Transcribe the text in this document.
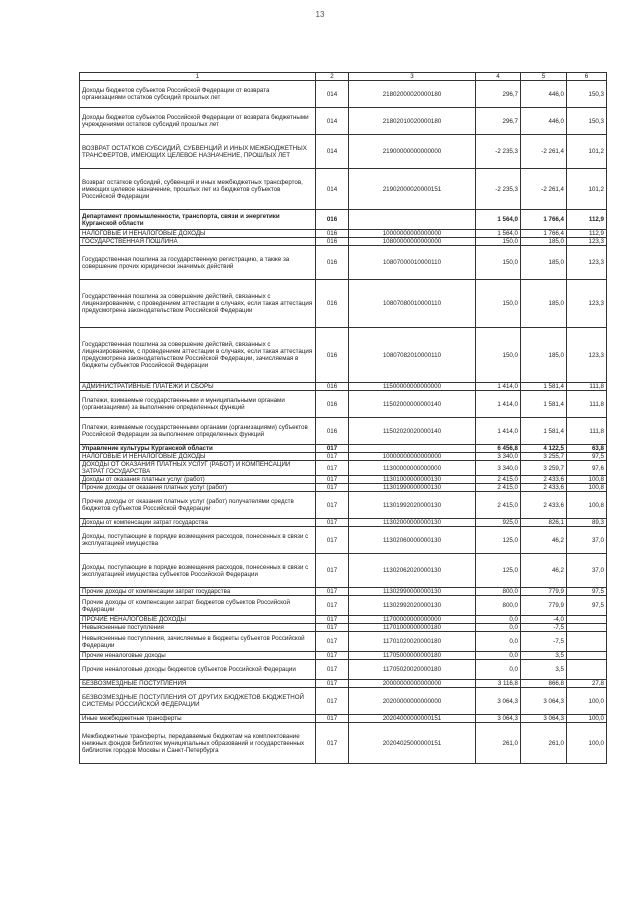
13
1	2	3	4	5	6
Доходы бюджетов субъектов Российской Федерации от возврата организациями остатков субсидий прошлых лет	014	21802000020000180	296,7	446,0	150,3
Доходы бюджетов субъектов Российской Федерации от возврата бюджетными учреждениями остатков субсидий прошлых лет	014	21802010020000180	296,7	446,0	150,3
ВОЗВРАТ ОСТАТКОВ СУБСИДИЙ, СУБВЕНЦИЙ И ИНЫХ МЕЖБЮДЖЕТНЫХ ТРАНСФЕРТОВ, ИМЕЮЩИХ ЦЕЛЕВОЕ НАЗНАЧЕНИЕ, ПРОШЛЫХ ЛЕТ	014	21900000000000000	-2 235,3	-2 261,4	101,2
Возврат остатков субсидий, субвенций и иных межбюджетных трансфертов, имеющих целевое назначение, прошлых лет из бюджетов субъектов Российской Федерации	014	21902000020000151	-2 235,3	-2 261,4	101,2
Департамент промышленности, транспорта, связи и энергетики Курганской области	016		1 564,0	1 766,4	112,9
НАЛОГОВЫЕ И НЕНАЛОГОВЫЕ ДОХОДЫ	016	10000000000000000	1 564,0	1 766,4	112,9
ГОСУДАРСТВЕННАЯ ПОШЛИНА	016	10800000000000000	150,0	185,0	123,3
Государственная пошлина за государственную регистрацию, а также за совершение прочих юридически значимых действий	016	10807000010000110	150,0	185,0	123,3
Государственная пошлина за совершение действий, связанных с лицензированием, с проведением аттестации в случаях, если такая аттестация предусмотрена законодательством Российской Федерации	016	10807080010000110	150,0	185,0	123,3
Государственная пошлина за совершение действий, связанных с лицензированием, с проведением аттестации в случаях, если такая аттестация предусмотрена законодательством Российской Федерации, зачисляемая в бюджеты субъектов Российской Федерации	016	10807082010000110	150,0	185,0	123,3
АДМИНИСТРАТИВНЫЕ ПЛАТЕЖИ И СБОРЫ	016	11500000000000000	1 414,0	1 581,4	111,8
Платежи, взимаемые государственными и муниципальными органами (организациями) за выполнение определенных функций	016	11502000000000140	1 414,0	1 581,4	111,8
Платежи, взимаемые государственными органами (организациями) субъектов Российской Федерации за выполнение определенных функций	016	11502020020000140	1 414,0	1 581,4	111,8
Управление культуры Курганской области	017		6 456,8	4 122,5	63,8
НАЛОГОВЫЕ И НЕНАЛОГОВЫЕ ДОХОДЫ	017	10000000000000000	3 340,0	3 255,7	97,5
ДОХОДЫ ОТ ОКАЗАНИЯ ПЛАТНЫХ УСЛУГ (РАБОТ) И КОМПЕНСАЦИИ ЗАТРАТ ГОСУДАРСТВА	017	11300000000000000	3 340,0	3 259,7	97,6
Доходы от оказания платных услуг (работ)	017	11301000000000130	2 415,0	2 433,6	100,8
Прочие доходы от оказания платных услуг (работ)	017	11301990000000130	2 415,0	2 433,6	100,8
Прочие доходы от оказания платных услуг (работ) получателями средств бюджетов субъектов Российской Федерации	017	11301992020000130	2 415,0	2 433,6	100,8
Доходы от компенсации затрат государства	017	11302000000000130	925,0	826,1	89,3
Доходы, поступающие в порядке возмещения расходов, понесенных в связи с эксплуатацией имущества	017	11302060000000130	125,0	46,2	37,0
Доходы, поступающие в порядке возмещения расходов, понесенных в связи с эксплуатацией имущества субъектов Российской Федерации	017	11302062020000130	125,0	46,2	37,0
Прочие доходы от компенсации затрат государства	017	11302990000000130	800,0	779,9	97,5
Прочие доходы от компенсации затрат бюджетов субъектов Российской Федерации	017	11302992020000130	800,0	779,9	97,5
ПРОЧИЕ НЕНАЛОГОВЫЕ ДОХОДЫ	017	11700000000000000	0,0	-4,0	
Невыясненные поступления	017	11701000000000180	0,0	-7,5	
Невыясненные поступления, зачисляемые в бюджеты субъектов Российской Федерации	017	11701020020000180	0,0	-7,5	
Прочие неналоговые доходы	017	11705000000000180	0,0	3,5	
Прочие неналоговые доходы бюджетов субъектов Российской Федерации	017	11705020020000180	0,0	3,5	
БЕЗВОЗМЕЗДНЫЕ ПОСТУПЛЕНИЯ	017	20000000000000000	3 116,8	866,8	27,8
БЕЗВОЗМЕЗДНЫЕ ПОСТУПЛЕНИЯ ОТ ДРУГИХ БЮДЖЕТОВ БЮДЖЕТНОЙ СИСТЕМЫ РОССИЙСКОЙ ФЕДЕРАЦИИ	017	20200000000000000	3 064,3	3 064,3	100,0
Иные межбюджетные трансферты	017	20204000000000151	3 064,3	3 064,3	100,0
Межбюджетные трансферты, передаваемые бюджетам на комплектование книжных фондов библиотек муниципальных образований и государственных библиотек городов Москвы и Санкт-Петербурга	017	20204025000000151	261,0	261,0	100,0
